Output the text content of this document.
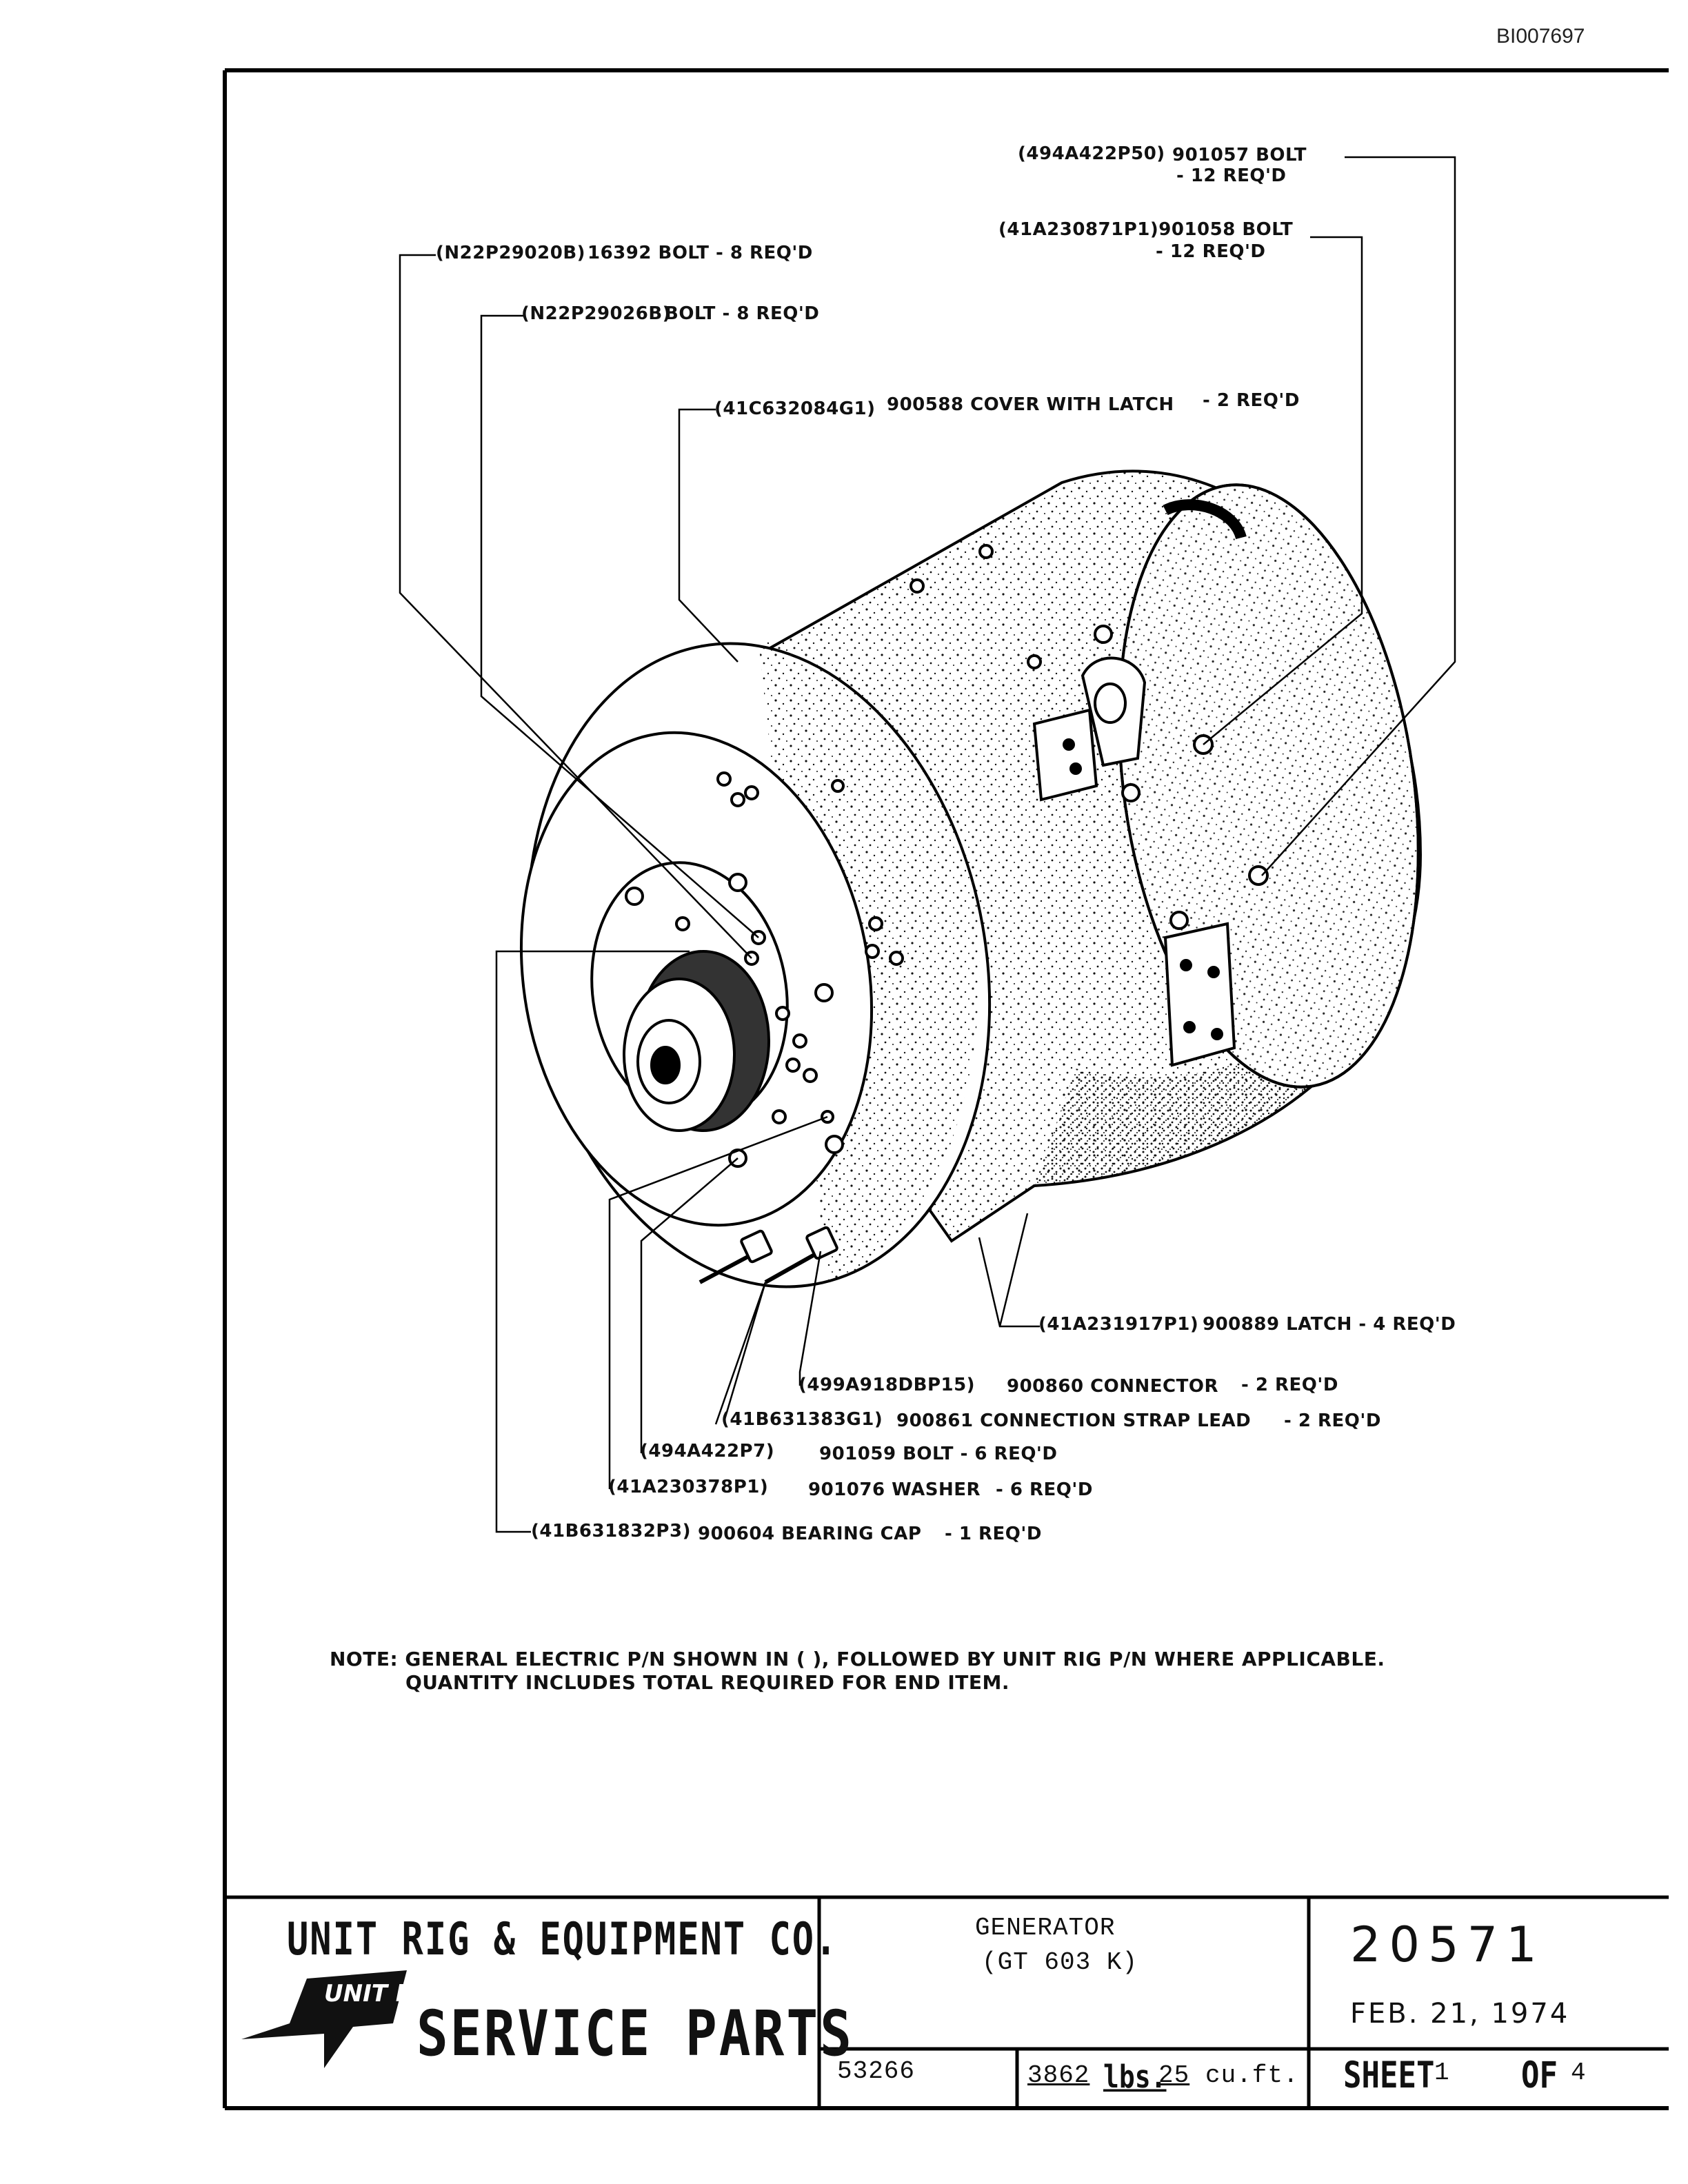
BI007697
(494A422P50) 901057 BOLT
- 12 REQ'D
(41A230871P1)901058 BOLT
- 12 REQ'D
(N22P29020B) 16392 BOLT - 8 REQ'D
(N22P29026B)
BOLT - 8 REQ'D
(41C632084G1) 900588 COVER WITH LATCH - 2 REQ'D
(41A231917P1) 900889 LATCH - 4 REQ'D
(499A918DBP15) 900860 CONNECTOR - 2 REQ'D
(41B631383G1) 900861 CONNECTION STRAP LEAD - 2 REQ'D
(494A422P7) 901059 BOLT - 6 REQ'D
(41A230378P1) 901076 WASHER - 6 REQ'D
(41B631832P3) 900604 BEARING CAP - 1 REQ'D
NOTE: GENERAL ELECTRIC P/N SHOWN IN ( ), FOLLOWED BY UNIT RIG P/N WHERE APPLICABLE.
QUANTITY INCLUDES TOTAL REQUIRED FOR END ITEM.
UNIT RIG & EQUIPMENT CO.
UNIT RIG
SERVICE PARTS
GENERATOR
(GT 603 K)
53266	3862 lbs.
25 cu.ft.
20571
FEB. 21, 1974
SHEET 1 OF 4
